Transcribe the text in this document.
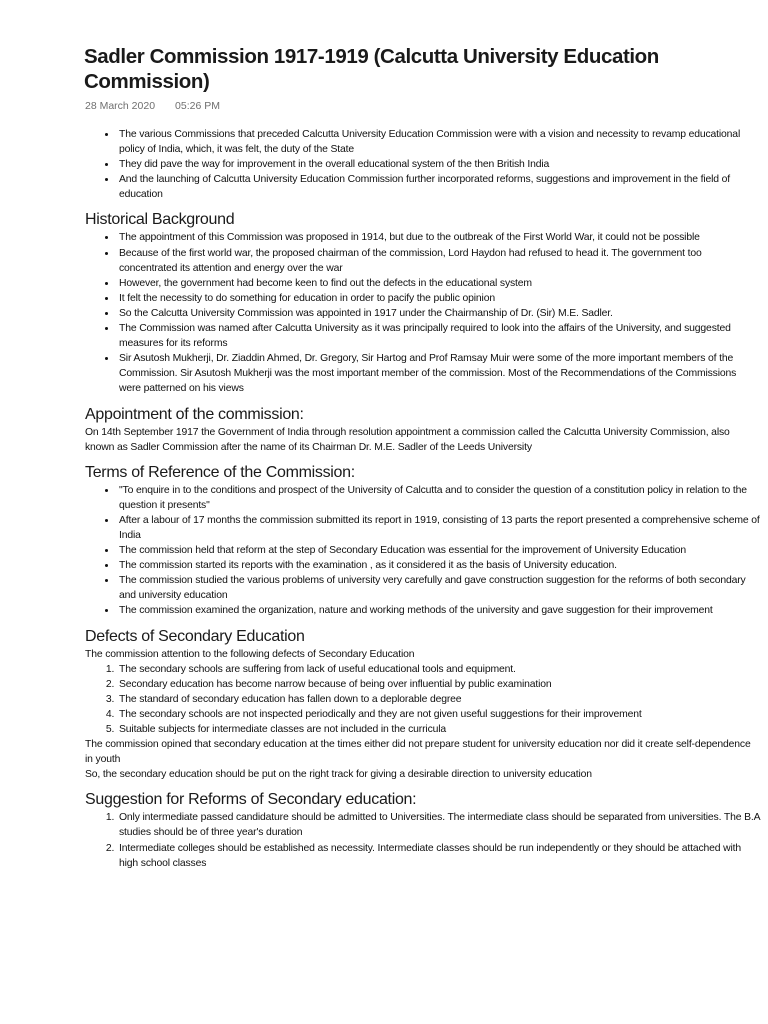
Sadler Commission 1917-1919 (Calcutta University Education Commission)

28 March 2020 05:26 PM

• The various Commissions that preceded Calcutta University Education Commission were with a vision and necessity to revamp educational policy of India, which, it was felt, the duty of the State
• They did pave the way for improvement in the overall educational system of the then British India
• And the launching of Calcutta University Education Commission further incorporated reforms, suggestions and improvement in the field of education
Historical Background
• The appointment of this Commission was proposed in 1914, but due to the outbreak of the First World War, it could not be possible
• Because of the first world war, the proposed chairman of the commission, Lord Haydon had refused to head it. The government too concentrated its attention and energy over the war
• However, the government had become keen to find out the defects in the educational system
• It felt the necessity to do something for education in order to pacify the public opinion
• So the Calcutta University Commission was appointed in 1917 under the Chairmanship of Dr. (Sir) M.E. Sadler.
• The Commission was named after Calcutta University as it was principally required to look into the affairs of the University, and suggested measures for its reforms
• Sir Asutosh Mukherji, Dr. Ziaddin Ahmed, Dr. Gregory, Sir Hartog and Prof Ramsay Muir were some of the more important members of the Commission. Sir Asutosh Mukherji was the most important member of the commission. Most of the Recommendations of the Commissions were patterned on his views
Appointment of the commission:

On 14th September 1917 the Government of India through resolution appointment a commission called the Calcutta University Commission, also known as Sadler Commission after the name of its Chairman Dr. M.E. Sadler of the Leeds University

Terms of Reference of the Commission:
• "To enquire in to the conditions and prospect of the University of Calcutta and to consider the question of a constitution policy in relation to the question it presents"
• After a labour of 17 months the commission submitted its report in 1919, consisting of 13 parts the report presented a comprehensive scheme of India
• The commission held that reform at the step of Secondary Education was essential for the improvement of University Education
• The commission started its reports with the examination , as it considered it as the basis of University education.
• The commission studied the various problems of university very carefully and gave construction suggestion for the reforms of both secondary and university education
• The commission examined the organization, nature and working methods of the university and gave suggestion for their improvement
Defects of Secondary Education

The commission attention to the following defects of Secondary Education

1. The secondary schools are suffering from lack of useful educational tools and equipment.
2. Secondary education has become narrow because of being over influential by public examination
3. The standard of secondary education has fallen down to a deplorable degree
4. The secondary schools are not inspected periodically and they are not given useful suggestions for their improvement
5. Suitable subjects for intermediate classes are not included in the curricula

The commission opined that secondary education at the times either did not prepare student for university education nor did it create self-dependence in youth

So, the secondary education should be put on the right track for giving a desirable direction to university education

Suggestion for Reforms of Secondary education:
1. Only intermediate passed candidature should be admitted to Universities. The intermediate class should be separated from universities. The B.A studies should be of three year's duration
2. Intermediate colleges should be established as necessity. Intermediate classes should be run independently or they should be attached with high school classes
